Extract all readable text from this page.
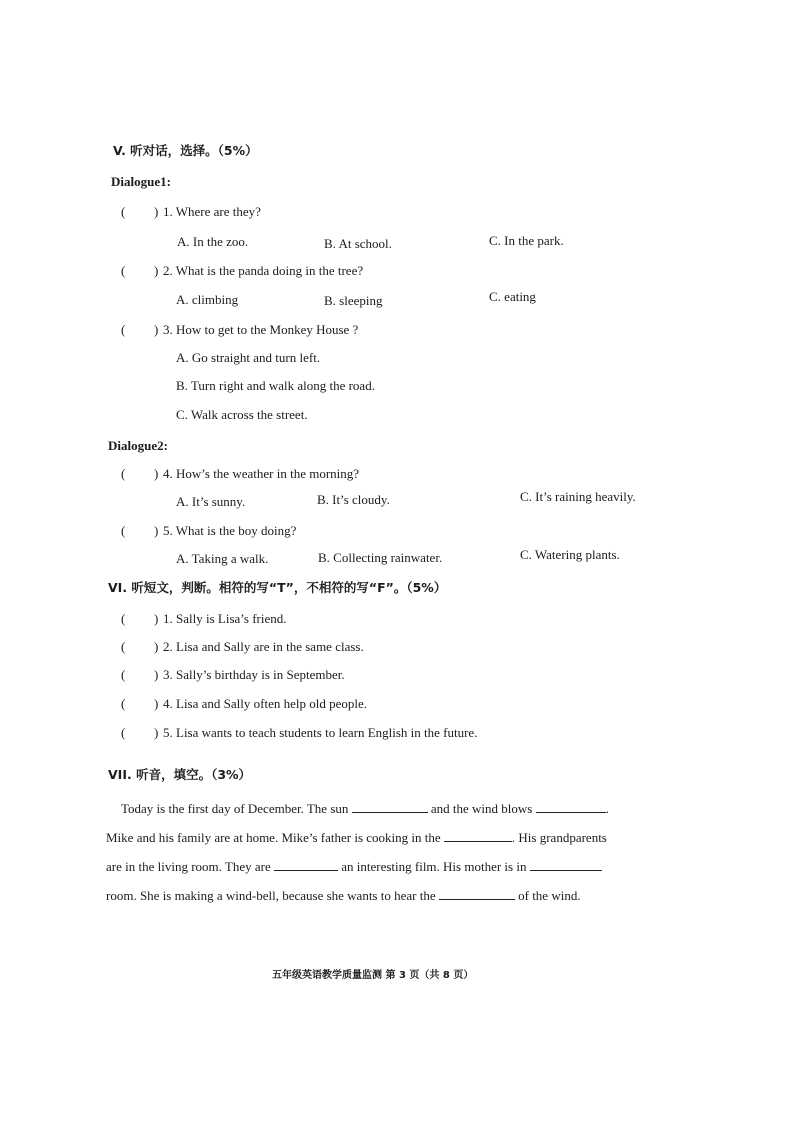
V. 听对话，选择。（5%）
Dialogue1:
( ) 1. Where are they?
A. In the zoo.	B. At school.	C. In the park.
( ) 2. What is the panda doing in the tree?
A. climbing	B. sleeping	C. eating
( ) 3. How to get to the Monkey House ?
A. Go straight and turn left.
B. Turn right and walk along the road.
C. Walk across the street.
Dialogue2:
( ) 4. How’s the weather in the morning?
A. It’s sunny.	B. It’s cloudy.	C. It’s raining heavily.
( ) 5. What is the boy doing?
A. Taking a walk.	B. Collecting rainwater.	C. Watering plants.
VI. 听短文，判断。相符的写“T”，不相符的写“F”。（5%）
( ) 1. Sally is Lisa’s friend.
( ) 2. Lisa and Sally are in the same class.
( ) 3. Sally’s birthday is in September.
( ) 4. Lisa and Sally often help old people.
( ) 5. Lisa wants to teach students to learn English in the future.
VII. 听音，填空。（3%）
Today is the first day of December. The sun	and the wind blows	.
Mike and his family are at home. Mike’s father is cooking in the	. His grandparents
are in the living room. They are	an interesting film. His mother is in
room. She is making a wind-bell, because she wants to hear the	of the wind.
五年级英语教学质量监测 第 3 页（共 8 页）
